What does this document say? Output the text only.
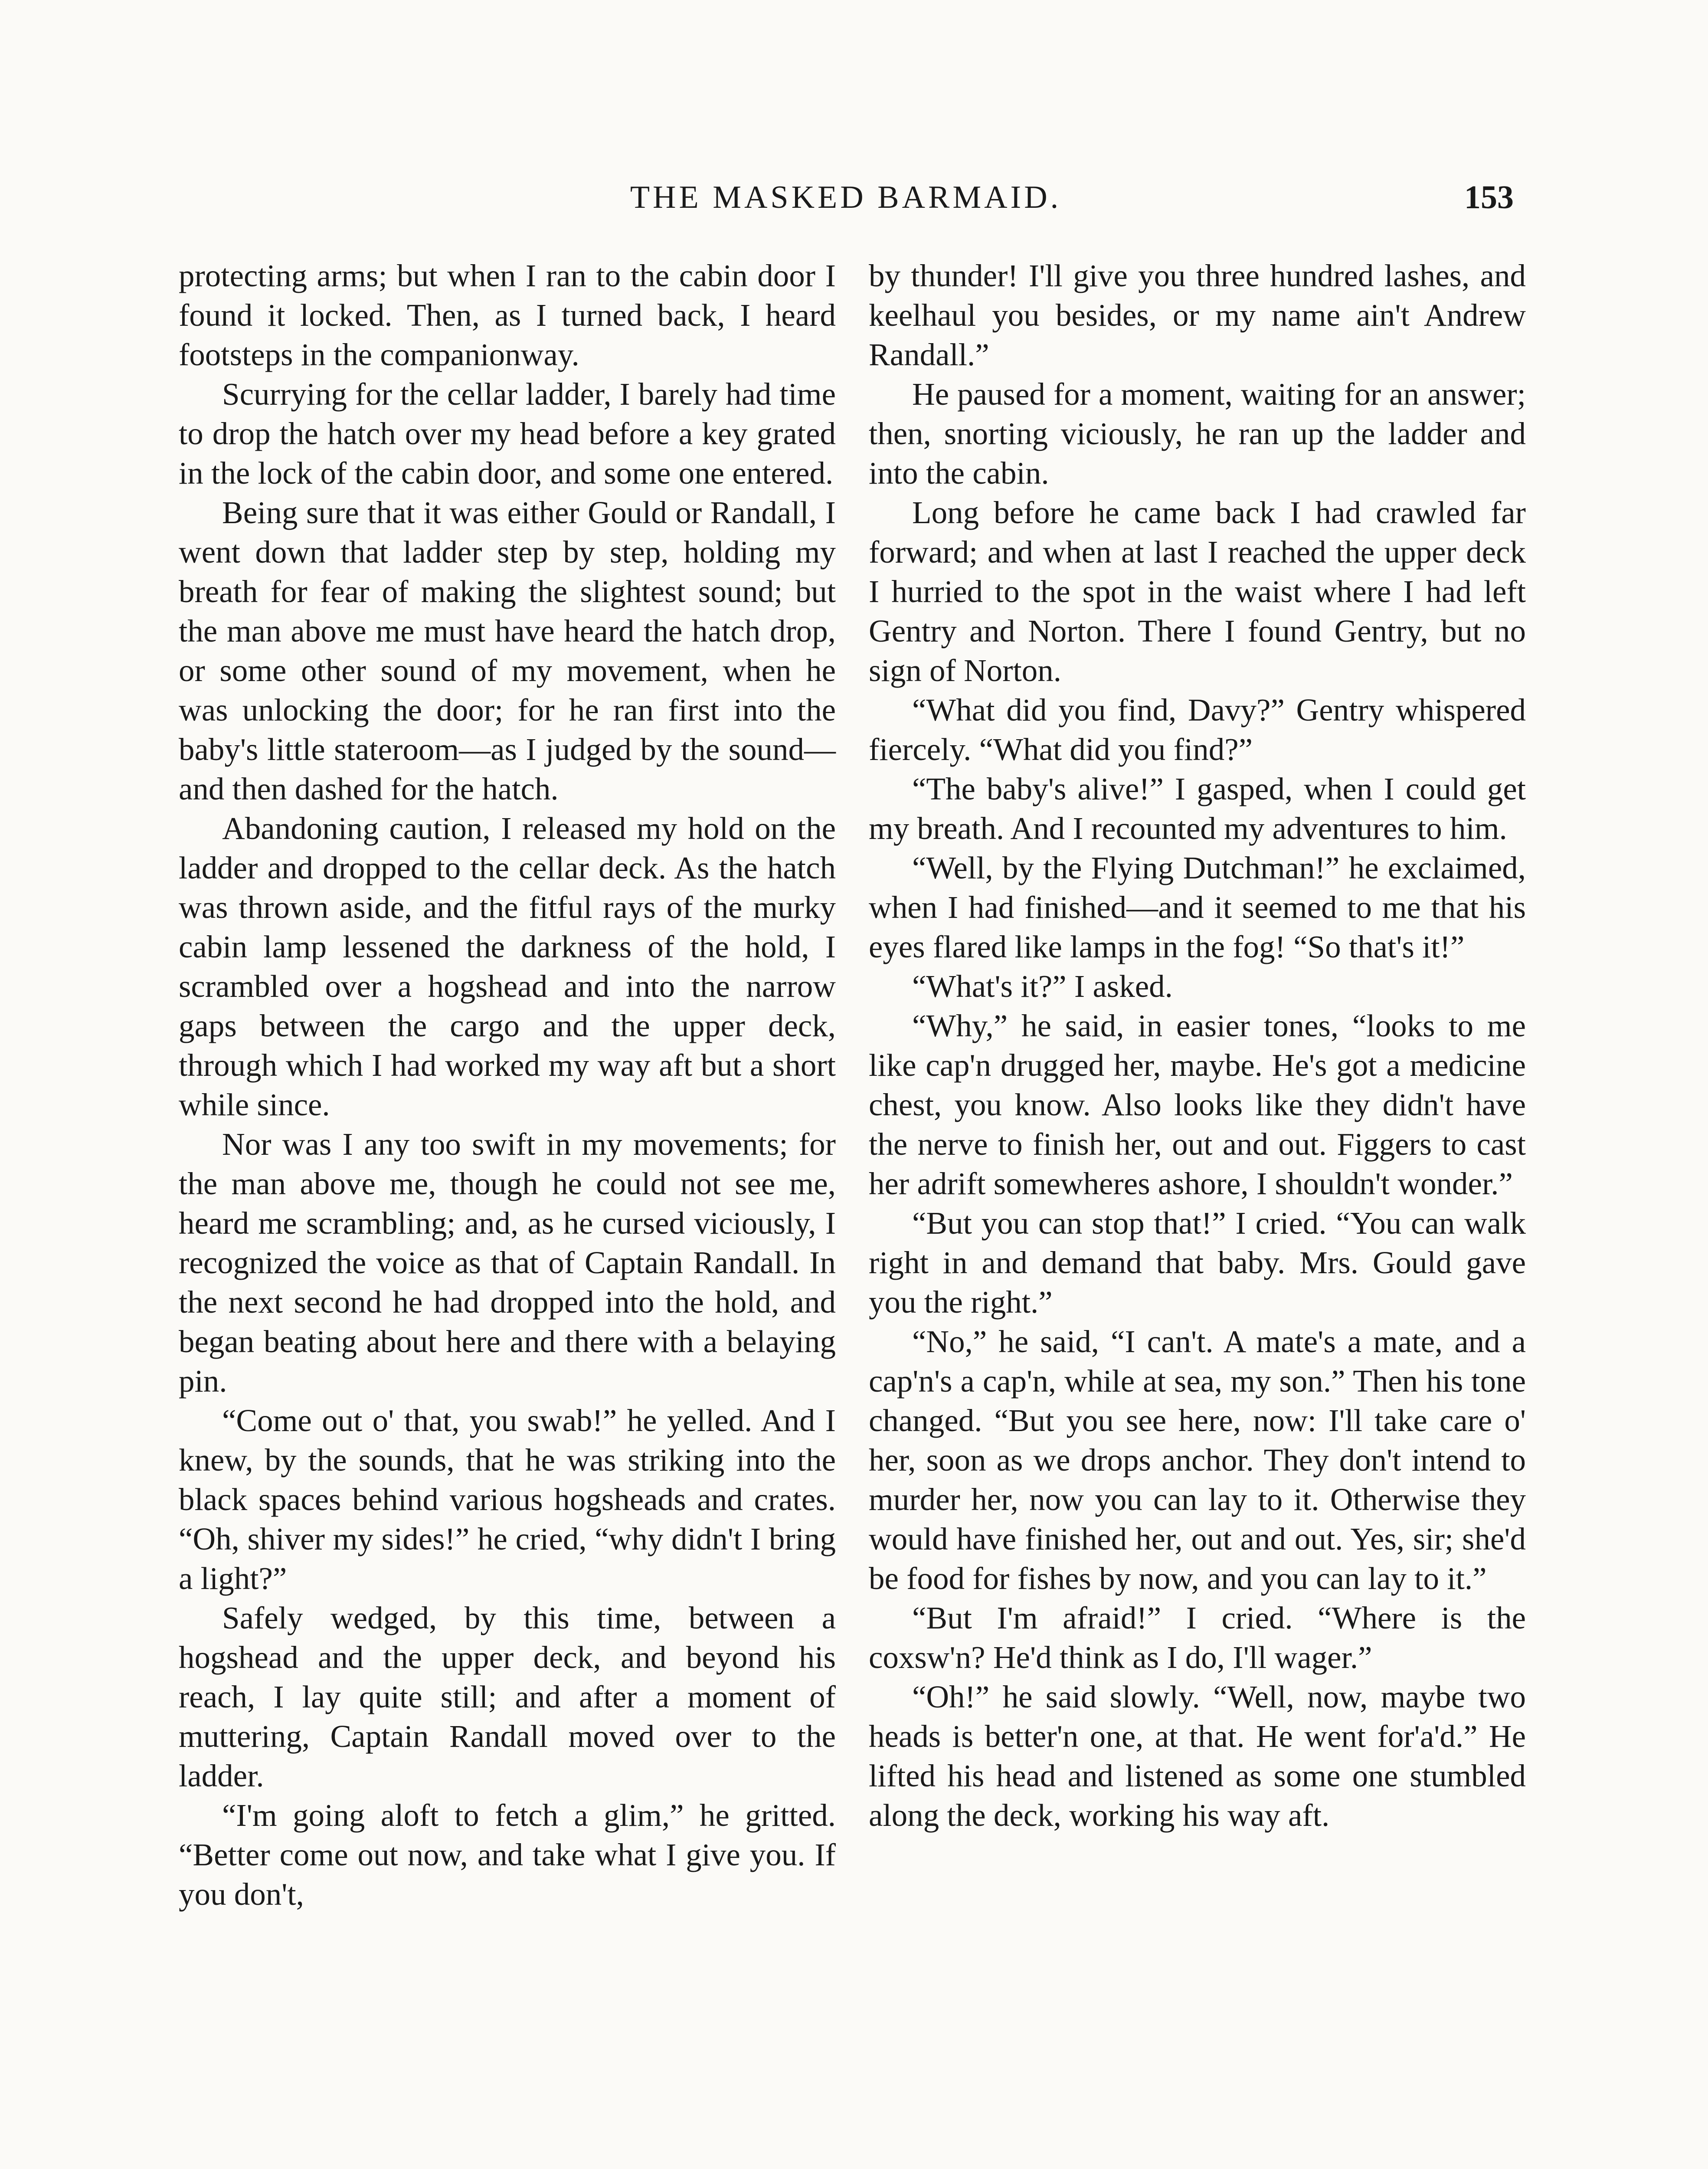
THE MASKED BARMAID.	153

protecting arms; but when I ran to the cabin door I found it locked. Then, as I turned back, I heard footsteps in the companionway.

Scurrying for the cellar ladder, I barely had time to drop the hatch over my head before a key grated in the lock of the cabin door, and some one entered.

Being sure that it was either Gould or Randall, I went down that ladder step by step, holding my breath for fear of making the slightest sound; but the man above me must have heard the hatch drop, or some other sound of my movement, when he was unlocking the door; for he ran first into the baby's little stateroom—as I judged by the sound—and then dashed for the hatch.

Abandoning caution, I released my hold on the ladder and dropped to the cellar deck. As the hatch was thrown aside, and the fitful rays of the murky cabin lamp lessened the darkness of the hold, I scrambled over a hogshead and into the narrow gaps between the cargo and the upper deck, through which I had worked my way aft but a short while since.

Nor was I any too swift in my movements; for the man above me, though he could not see me, heard me scrambling; and, as he cursed viciously, I recognized the voice as that of Captain Randall. In the next second he had dropped into the hold, and began beating about here and there with a belaying pin.

“Come out o' that, you swab!” he yelled. And I knew, by the sounds, that he was striking into the black spaces behind various hogsheads and crates. “Oh, shiver my sides!” he cried, “why didn't I bring a light?”

Safely wedged, by this time, between a hogshead and the upper deck, and beyond his reach, I lay quite still; and after a moment of muttering, Captain Randall moved over to the ladder.

“I'm going aloft to fetch a glim,” he gritted. “Better come out now, and take what I give you. If you don't,

by thunder! I'll give you three hundred lashes, and keelhaul you besides, or my name ain't Andrew Randall.”

He paused for a moment, waiting for an answer; then, snorting viciously, he ran up the ladder and into the cabin.

Long before he came back I had crawled far forward; and when at last I reached the upper deck I hurried to the spot in the waist where I had left Gentry and Norton. There I found Gentry, but no sign of Norton.

“What did you find, Davy?” Gentry whispered fiercely. “What did you find?”

“The baby's alive!” I gasped, when I could get my breath. And I recounted my adventures to him.

“Well, by the Flying Dutchman!” he exclaimed, when I had finished—and it seemed to me that his eyes flared like lamps in the fog! “So that's it!”

“What's it?” I asked.

“Why,” he said, in easier tones, “looks to me like cap'n drugged her, maybe. He's got a medicine chest, you know. Also looks like they didn't have the nerve to finish her, out and out. Figgers to cast her adrift somewheres ashore, I shouldn't wonder.”

“But you can stop that!” I cried. “You can walk right in and demand that baby. Mrs. Gould gave you the right.”

“No,” he said, “I can't. A mate's a mate, and a cap'n's a cap'n, while at sea, my son.” Then his tone changed. “But you see here, now: I'll take care o' her, soon as we drops anchor. They don't intend to murder her, now you can lay to it. Otherwise they would have finished her, out and out. Yes, sir; she'd be food for fishes by now, and you can lay to it.”

“But I'm afraid!” I cried. “Where is the coxsw'n? He'd think as I do, I'll wager.”

“Oh!” he said slowly. “Well, now, maybe two heads is better'n one, at that. He went for'a'd.” He lifted his head and listened as some one stumbled along the deck, working his way aft.
